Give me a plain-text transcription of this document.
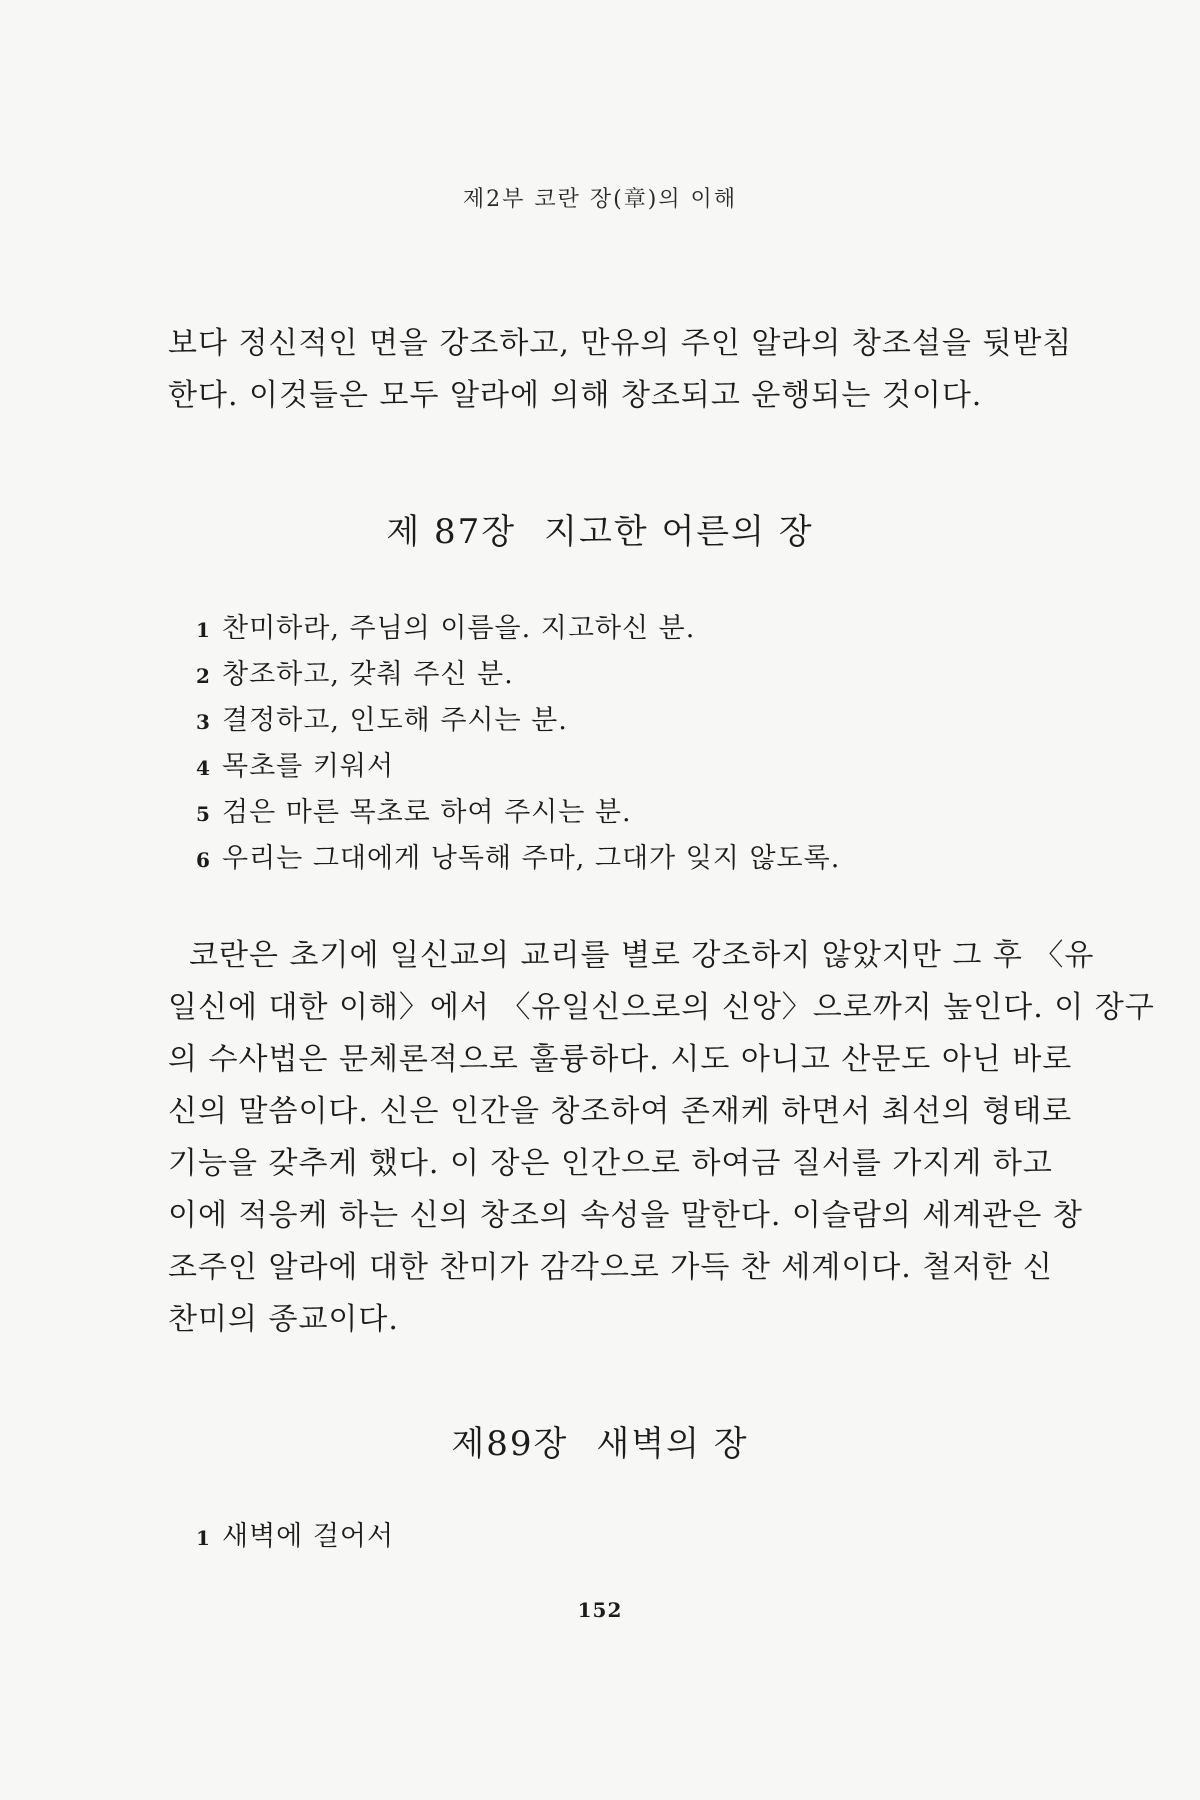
제2부 코란 장(章)의 이해

보다 정신적인 면을 강조하고, 만유의 주인 알라의 창조설을 뒷받침
한다. 이것들은 모두 알라에 의해 창조되고 운행되는 것이다.

제 87장 지고한 어른의 장
1 찬미하라, 주님의 이름을. 지고하신 분.
2 창조하고, 갖춰 주신 분.
3 결정하고, 인도해 주시는 분.
4 목초를 키워서
5 검은 마른 목초로 하여 주시는 분.
6 우리는 그대에게 낭독해 주마, 그대가 잊지 않도록.

코란은 초기에 일신교의 교리를 별로 강조하지 않았지만 그 후 〈유
일신에 대한 이해〉에서 〈유일신으로의 신앙〉으로까지 높인다. 이 장구
의 수사법은 문체론적으로 훌륭하다. 시도 아니고 산문도 아닌 바로
신의 말씀이다. 신은 인간을 창조하여 존재케 하면서 최선의 형태로
기능을 갖추게 했다. 이 장은 인간으로 하여금 질서를 가지게 하고
이에 적응케 하는 신의 창조의 속성을 말한다. 이슬람의 세계관은 창
조주인 알라에 대한 찬미가 감각으로 가득 찬 세계이다. 철저한 신
찬미의 종교이다.

제89장 새벽의 장
1 새벽에 걸어서
152
